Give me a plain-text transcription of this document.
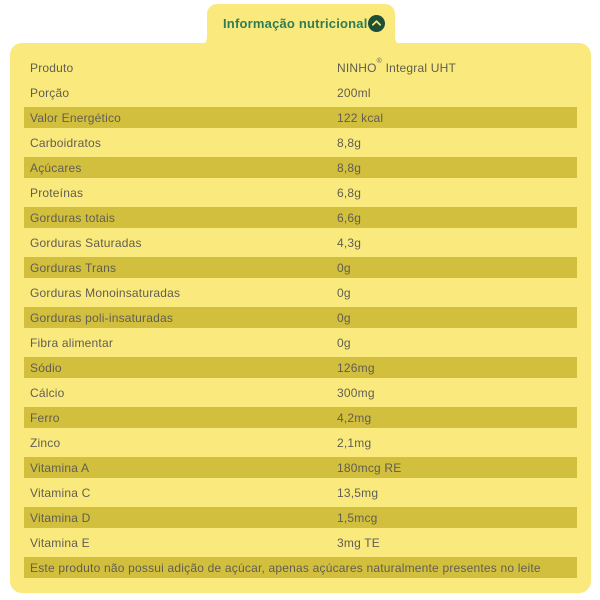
Informação nutricional
Produto	NINHO® Integral UHT
Porção	200ml
Valor Energético	122 kcal
Carboidratos	8,8g
Açúcares	8,8g
Proteínas	6,8g
Gorduras totais	6,6g
Gorduras Saturadas	4,3g
Gorduras Trans	0g
Gorduras Monoinsaturadas	0g
Gorduras poli-insaturadas	0g
Fibra alimentar	0g
Sódio	126mg
Cálcio	300mg
Ferro	4,2mg
Zinco	2,1mg
Vitamina A	180mcg RE
Vitamina C	13,5mg
Vitamina D	1,5mcg
Vitamina E	3mg TE
Este produto não possui adição de açúcar, apenas açúcares naturalmente presentes no leite
